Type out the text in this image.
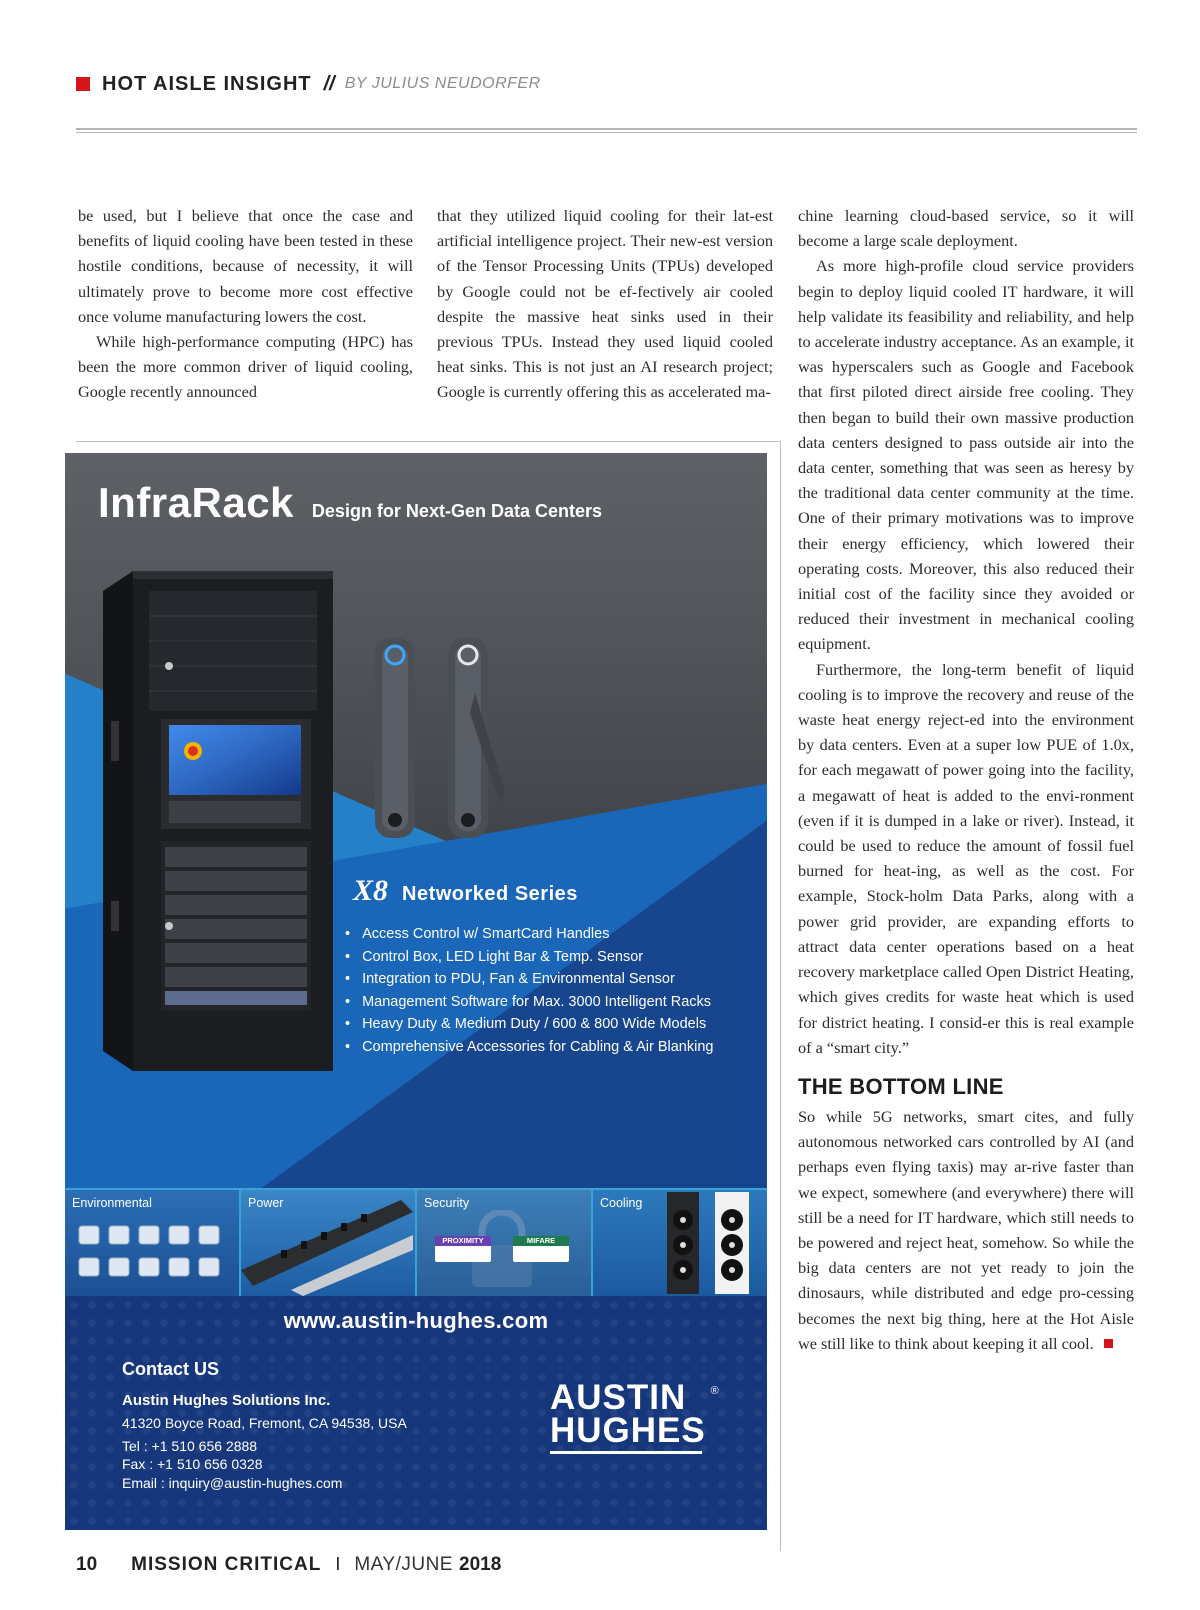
HOT AISLE INSIGHT // BY JULIUS NEUDORFER

be used, but I believe that once the case and benefits of liquid cooling have been tested in these hostile conditions, because of necessity, it will ultimately prove to become more cost effective once volume manufacturing lowers the cost.

While high-performance computing (HPC) has been the more common driver of liquid cooling, Google recently announced

that they utilized liquid cooling for their lat-est artificial intelligence project. Their new-est version of the Tensor Processing Units (TPUs) developed by Google could not be ef-fectively air cooled despite the massive heat sinks used in their previous TPUs. Instead they used liquid cooled heat sinks. This is not just an AI research project; Google is currently offering this as accelerated ma-

chine learning cloud-based service, so it will become a large scale deployment.

As more high-profile cloud service providers begin to deploy liquid cooled IT hardware, it will help validate its feasibility and reliability, and help to accelerate industry acceptance. As an example, it was hyperscalers such as Google and Facebook that first piloted direct airside free cooling. They then began to build their own massive production data centers designed to pass outside air into the data center, something that was seen as heresy by the traditional data center community at the time. One of their primary motivations was to improve their energy efficiency, which lowered their operating costs. Moreover, this also reduced their initial cost of the facility since they avoided or reduced their investment in mechanical cooling equipment.

Furthermore, the long-term benefit of liquid cooling is to improve the recovery and reuse of the waste heat energy reject-ed into the environment by data centers. Even at a super low PUE of 1.0x, for each megawatt of power going into the facility, a megawatt of heat is added to the envi-ronment (even if it is dumped in a lake or river). Instead, it could be used to reduce the amount of fossil fuel burned for heat-ing, as well as the cost. For example, Stock-holm Data Parks, along with a power grid provider, are expanding efforts to attract data center operations based on a heat recovery marketplace called Open District Heating, which gives credits for waste heat which is used for district heating. I consid-er this is real example of a “smart city.”

THE BOTTOM LINE

So while 5G networks, smart cites, and fully autonomous networked cars controlled by AI (and perhaps even flying taxis) may ar-rive faster than we expect, somewhere (and everywhere) there will still be a need for IT hardware, which still needs to be powered and reject heat, somehow. So while the big data centers are not yet ready to join the dinosaurs, while distributed and edge pro-cessing becomes the next big thing, here at the Hot Aisle we still like to think about keeping it all cool.

InfraRack Design for Next-Gen Data Centers
X8 Networked Series
• Access Control w/ SmartCard Handles
• Control Box, LED Light Bar & Temp. Sensor
• Integration to PDU, Fan & Environmental Sensor
• Management Software for Max. 3000 Intelligent Racks
• Heavy Duty & Medium Duty / 600 & 800 Wide Models
• Comprehensive Accessories for Cabling & Air Blanking
Environmental	Power	Security
PROXIMITY	MIFARE
Cooling
www.austin-hughes.com
Contact US
Austin Hughes Solutions Inc.
41320 Boyce Road, Fremont, CA 94538, USA
Tel : +1 510 656 2888
Fax : +1 510 656 0328
Email : inquiry@austin-hughes.com
®
AUSTIN
HUGHES
10 MISSION CRITICAL I MAY/JUNE 2018
